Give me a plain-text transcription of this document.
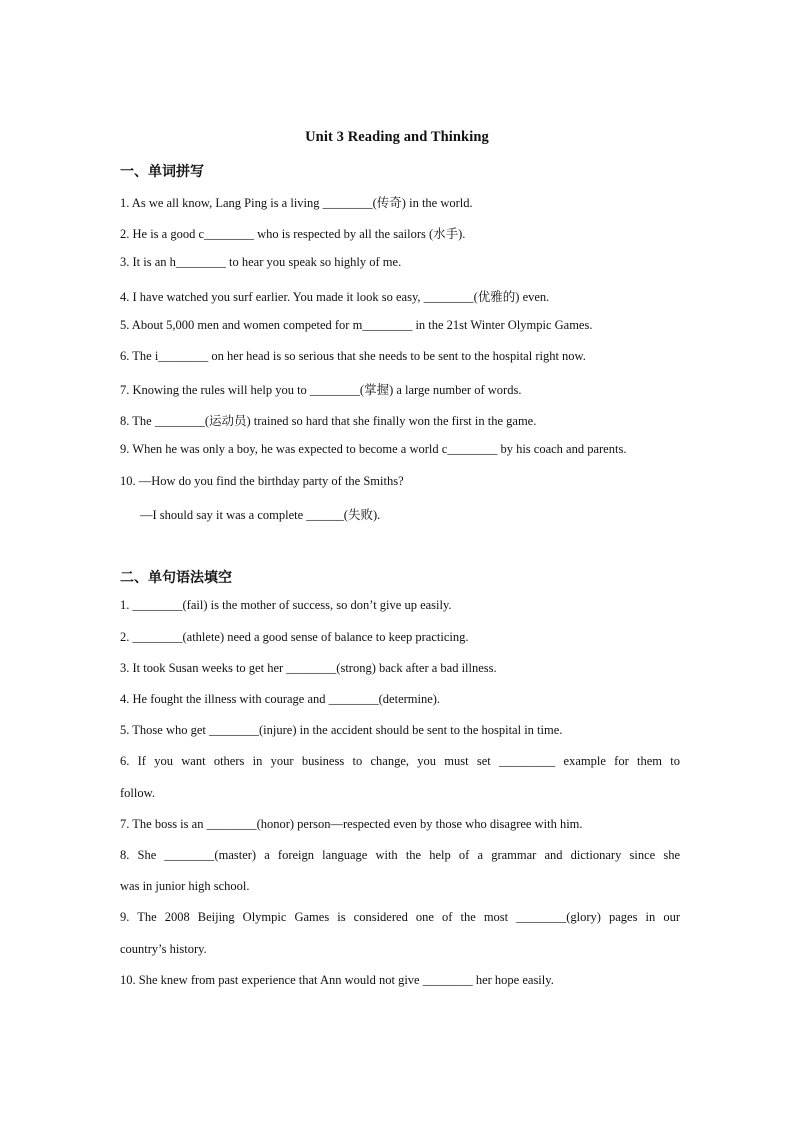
Unit 3 Reading and Thinking
一、单词拼写
1. As we all know, Lang Ping is a living ________(传奇) in the world.
2. He is a good c________ who is respected by all the sailors (水手).
3. It is an h________ to hear you speak so highly of me.
4. I have watched you surf earlier. You made it look so easy, ________(优雅的) even.
5. About 5,000 men and women competed for m________ in the 21st Winter Olympic Games.
6. The i________ on her head is so serious that she needs to be sent to the hospital right now.
7. Knowing the rules will help you to ________(掌握) a large number of words.
8. The ________(运动员) trained so hard that she finally won the first in the game.
9. When he was only a boy, he was expected to become a world c________ by his coach and parents.
10. —How do you find the birthday party of the Smiths?
—I should say it was a complete ______(失败).
二、单句语法填空
1. ________(fail) is the mother of success, so don’t give up easily.
2. ________(athlete) need a good sense of balance to keep practicing.
3. It took Susan weeks to get her ________(strong) back after a bad illness.
4. He fought the illness with courage and ________(determine).
5. Those who get ________(injure) in the accident should be sent to the hospital in time.
6. If you want others in your business to change, you must set _________ example for them to
follow.
7. The boss is an ________(honor) person—respected even by those who disagree with him.
8. She ________(master) a foreign language with the help of a grammar and dictionary since she
was in junior high school.
9. The 2008 Beijing Olympic Games is considered one of the most ________(glory) pages in our
country’s history.
10. She knew from past experience that Ann would not give ________ her hope easily.
